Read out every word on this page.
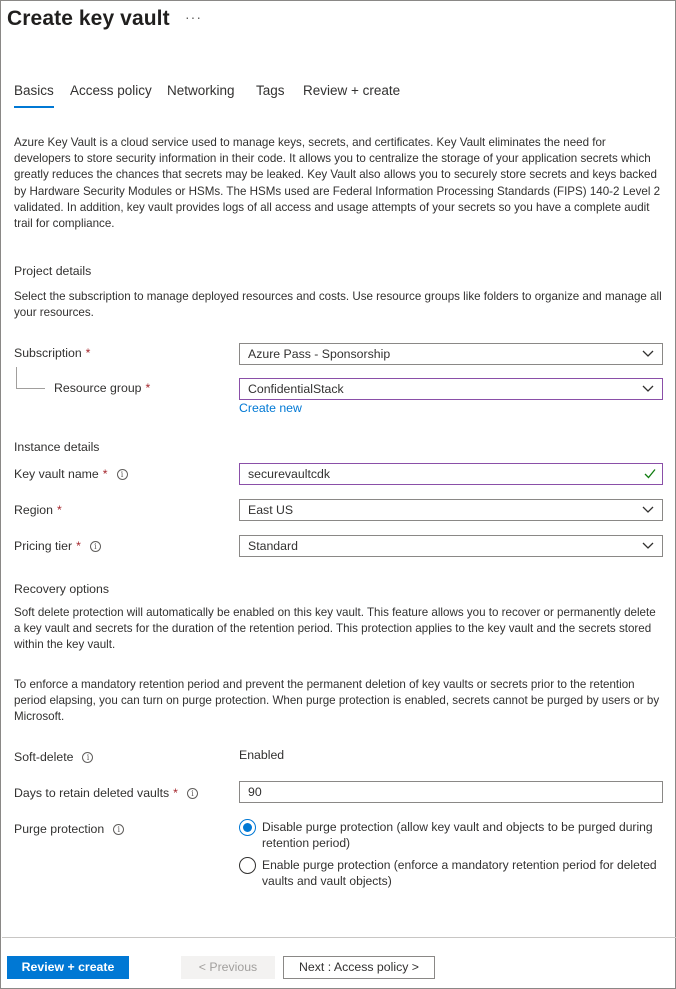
Create key vault ···
Basics Access policy Networking Tags Review + create
Azure Key Vault is a cloud service used to manage keys, secrets, and certificates. Key Vault eliminates the need for developers to store security information in their code. It allows you to centralize the storage of your application secrets which greatly reduces the chances that secrets may be leaked. Key Vault also allows you to securely store secrets and keys backed by Hardware Security Modules or HSMs. The HSMs used are Federal Information Processing Standards (FIPS) 140-2 Level 2 validated. In addition, key vault provides logs of all access and usage attempts of your secrets so you have a complete audit trail for compliance.
Project details
Select the subscription to manage deployed resources and costs. Use resource groups like folders to organize and manage all your resources.
Subscription *	Azure Pass - Sponsorship
Resource group *	ConfidentialStack
Create new
Instance details
Key vault name *	i	securevaultcdk
Region *	East US
Pricing tier *	i	Standard
Recovery options
Soft delete protection will automatically be enabled on this key vault. This feature allows you to recover or permanently delete a key vault and secrets for the duration of the retention period. This protection applies to the key vault and the secrets stored within the key vault.
To enforce a mandatory retention period and prevent the permanent deletion of key vaults or secrets prior to the retention period elapsing, you can turn on purge protection. When purge protection is enabled, secrets cannot be purged by users or by Microsoft.
Soft-delete	i	Enabled
Days to retain deleted vaults *	i	90
Purge protection	i	Disable purge protection (allow key vault and objects to be purged during retention period)
Enable purge protection (enforce a mandatory retention period for deleted vaults and vault objects)
Review + create	< Previous	Next : Access policy >
